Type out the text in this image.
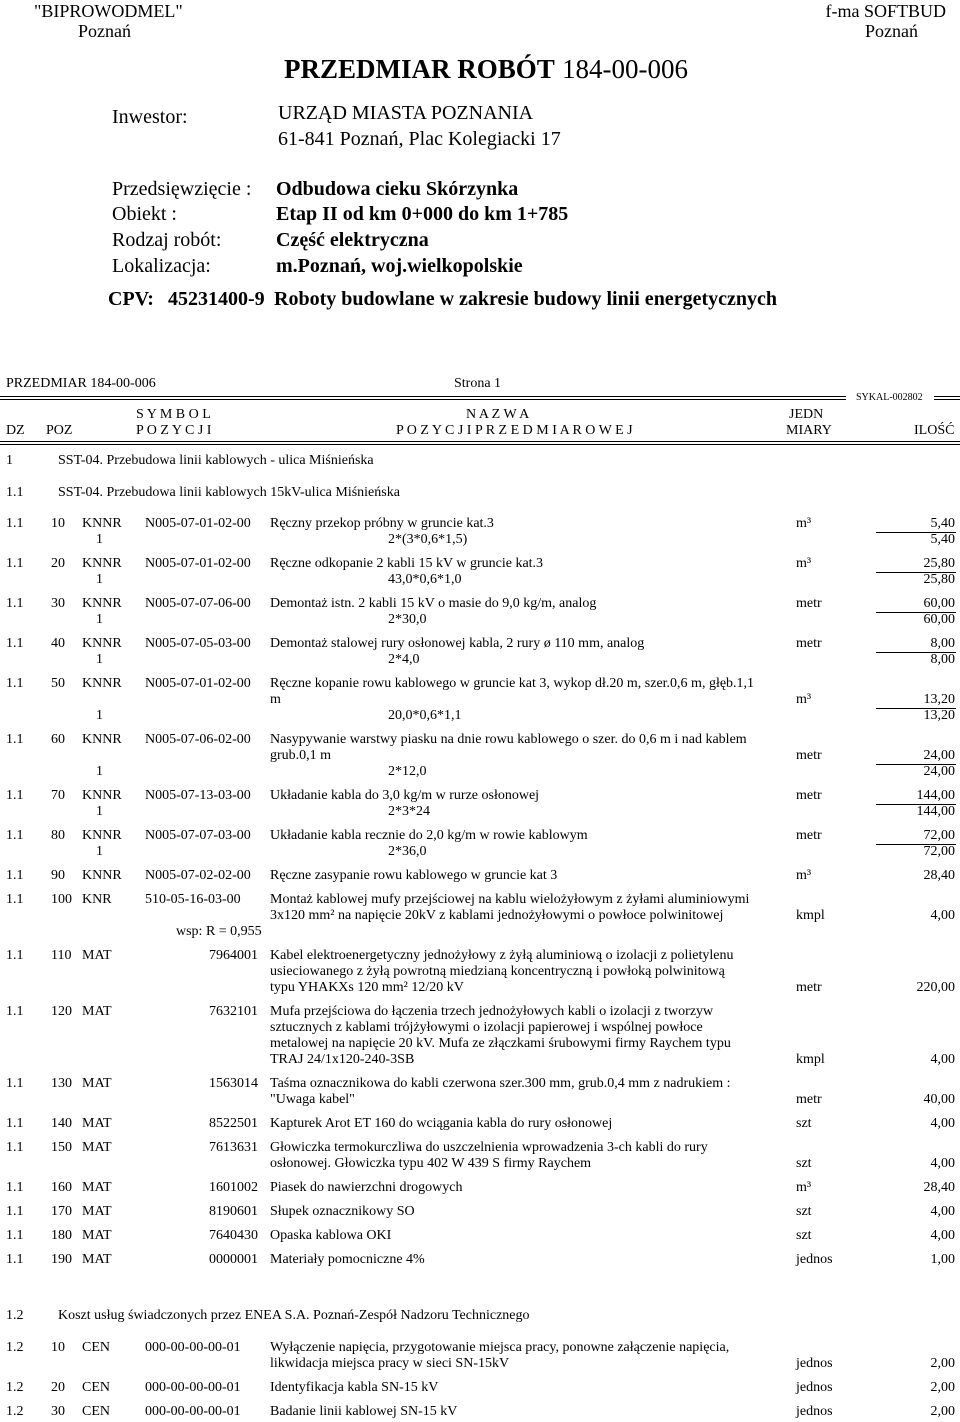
"BIPROWODMEL"
Poznań
f-ma SOFTBUD
Poznań
PRZEDMIAR ROBÓT 184-00-006
Inwestor:	URZĄD MIASTA POZNANIA
61-841 Poznań, Plac Kolegiacki 17
Przedsięwzięcie : Odbudowa cieku Skórzynka
Obiekt :	Etap II od km 0+000 do km 1+785
Rodzaj robót:	Część elektryczna
Lokalizacja:	m.Poznań, woj.wielkopolskie
CPV: 45231400-9 Roboty budowlane w zakresie budowy linii energetycznych
PRZEDMIAR 184-00-006	Strona 1
SYKAL-002802
S Y M B O L	N A Z W A	JEDN
DZ POZ	P O Z Y C J I	P O Z Y C J I P R Z E D M I A R O W E J	MIARY	ILOŚĆ
1	SST-04. Przebudowa linii kablowych - ulica Miśnieńska
1.1 SST-04. Przebudowa linii kablowych 15kV-ulica Miśnieńska
1.2 Koszt usług świadczonych przez ENEA S.A. Poznań-Zespół Nadzoru Technicznego
1.1 10 KNNR N005-07-01-02-00 Ręczny przekop próbny w gruncie kat.3	m³	5,40
1	2*(3*0,6*1,5)	5,40
1.1 20 KNNR N005-07-01-02-00 Ręczne odkopanie 2 kabli 15 kV w gruncie kat.3	m³	25,80
1	43,0*0,6*1,0	25,80
1.1 30 KNNR N005-07-07-06-00 Demontaż istn. 2 kabli 15 kV o masie do 9,0 kg/m, analog	metr	60,00
1	2*30,0	60,00
1.1 40 KNNR N005-07-05-03-00 Demontaż stalowej rury osłonowej kabla, 2 rury ø 110 mm, analog	metr	8,00
1	2*4,0	8,00
1.1 50 KNNR N005-07-01-02-00 Ręczne kopanie rowu kablowego w gruncie kat 3, wykop dł.20 m, szer.0,6 m, głęb.1,1
m	m³	13,20
1	20,0*0,6*1,1	13,20
1.1 60 KNNR N005-07-06-02-00 Nasypywanie warstwy piasku na dnie rowu kablowego o szer. do 0,6 m i nad kablem
grub.0,1 m	metr	24,00
1	2*12,0	24,00
1.1 70 KNNR N005-07-13-03-00 Układanie kabla do 3,0 kg/m w rurze osłonowej	metr	144,00
1	2*3*24	144,00
1.1 80 KNNR N005-07-07-03-00 Układanie kabla recznie do 2,0 kg/m w rowie kablowym	metr	72,00
1	2*36,0	72,00
1.1 90 KNNR N005-07-02-02-00 Ręczne zasypanie rowu kablowego w gruncie kat 3	m³	28,40
1.1 100 KNR 510-05-16-03-00 Montaż kablowej mufy przejściowej na kablu wielożyłowym z żyłami aluminiowymi
3x120 mm² na napięcie 20kV z kablami jednożyłowymi o powłoce polwinitowej	kmpl	4,00
wsp: R = 0,955
1.1 110 MAT	7964001 Kabel elektroenergetyczny jednożyłowy z żyłą aluminiową o izolacji z polietylenu
usieciowanego z żyłą powrotną miedzianą koncentryczną i powłoką polwinitową
typu YHAKXs 120 mm² 12/20 kV	metr	220,00
1.1 120 MAT	7632101 Mufa przejściowa do łączenia trzech jednożyłowych kabli o izolacji z tworzyw
sztucznych z kablami trójżyłowymi o izolacji papierowej i wspólnej powłoce
metalowej na napięcie 20 kV. Mufa ze złączkami śrubowymi firmy Raychem typu
TRAJ 24/1x120-240-3SB	kmpl	4,00
1.1 130 MAT	1563014 Taśma oznacznikowa do kabli czerwona szer.300 mm, grub.0,4 mm z nadrukiem :
"Uwaga kabel"	metr	40,00
1.1 140 MAT	8522501 Kapturek Arot ET 160 do wciągania kabla do rury osłonowej	szt	4,00
1.1 150 MAT	7613631 Głowiczka termokurczliwa do uszczelnienia wprowadzenia 3-ch kabli do rury
osłonowej. Głowiczka typu 402 W 439 S firmy Raychem	szt	4,00
1.1 160 MAT	1601002 Piasek do nawierzchni drogowych	m³	28,40
1.1 170 MAT	8190601 Słupek oznacznikowy SO	szt	4,00
1.1 180 MAT	7640430 Opaska kablowa OKI	szt	4,00
1.1 190 MAT	0000001 Materiały pomocniczne 4%	jednos	1,00
1.2 10 CEN	000-00-00-00-01 Wyłączenie napięcia, przygotowanie miejsca pracy, ponowne załączenie napięcia,
likwidacja miejsca pracy w sieci SN-15kV	jednos	2,00
1.2 20 CEN	000-00-00-00-01 Identyfikacja kabla SN-15 kV	jednos	2,00
1.2 30 CEN	000-00-00-00-01 Badanie linii kablowej SN-15 kV	jednos	2,00
